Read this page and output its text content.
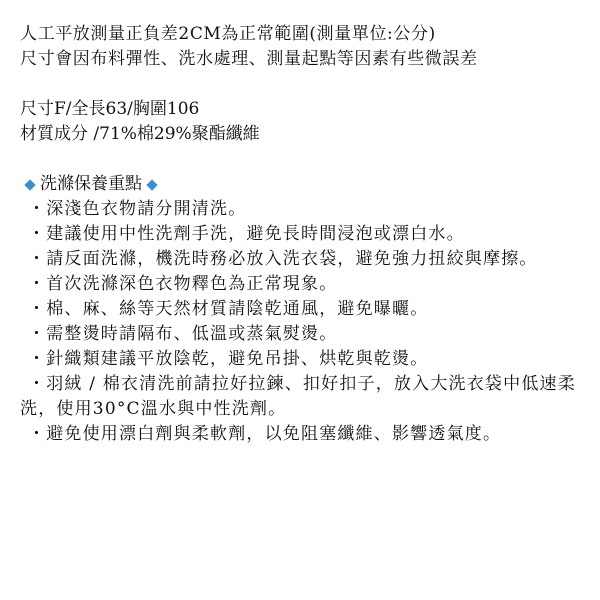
人工平放測量正負差2CM為正常範圍(測量單位:公分)

尺寸會因布料彈性、洗水處理、測量起點等因素有些微誤差

尺寸F/全長63/胸圍106

材質成分 /71%棉29%聚酯纖維

洗滌保養重點
・深淺色衣物請分開清洗。
・建議使用中性洗劑手洗，避免長時間浸泡或漂白水。
・請反面洗滌，機洗時務必放入洗衣袋，避免強力扭絞與摩擦。
・首次洗滌深色衣物釋色為正常現象。
・棉、麻、絲等天然材質請陰乾通風，避免曝曬。
・需整燙時請隔布、低溫或蒸氣熨燙。
・針織類建議平放陰乾，避免吊掛、烘乾與乾燙。
・羽絨 / 棉衣清洗前請拉好拉鍊、扣好扣子，放入大洗衣袋中低速柔洗，使用30°C溫水與中性洗劑。
・避免使用漂白劑與柔軟劑，以免阻塞纖維、影響透氣度。
